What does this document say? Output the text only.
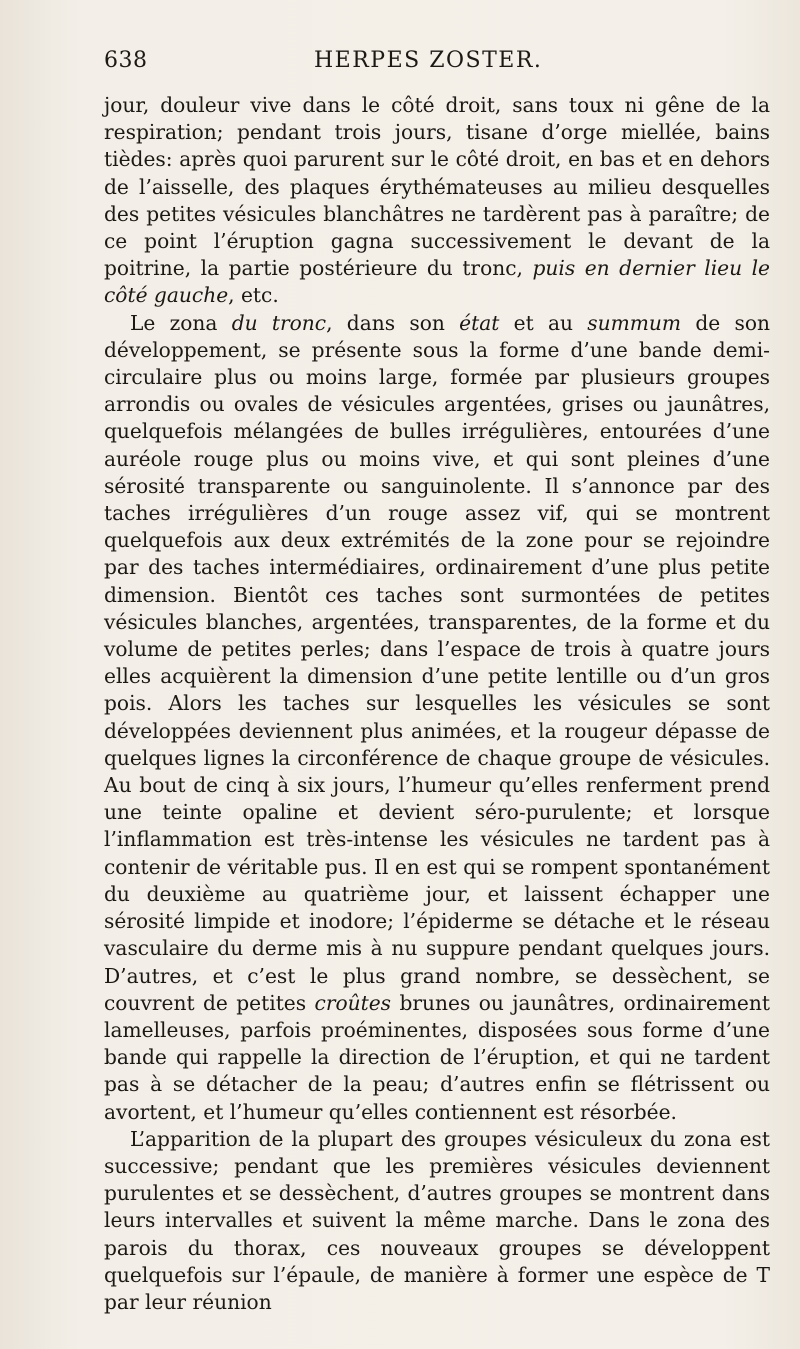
638	HERPES ZOSTER.

jour, douleur vive dans le côté droit, sans toux ni gêne de la respiration; pendant trois jours, tisane d’orge miellée, bains tièdes: après quoi parurent sur le côté droit, en bas et en dehors de l’aisselle, des plaques érythémateuses au milieu desquelles des petites vésicules blanchâtres ne tardèrent pas à paraître; de ce point l’éruption gagna successivement le devant de la poitrine, la partie postérieure du tronc, puis en dernier lieu le côté gauche, etc.

Le zona du tronc, dans son état et au summum de son développement, se présente sous la forme d’une bande demi-circulaire plus ou moins large, formée par plusieurs groupes arrondis ou ovales de vésicules argentées, grises ou jaunâtres, quelquefois mélangées de bulles irrégulières, entourées d’une auréole rouge plus ou moins vive, et qui sont pleines d’une sérosité transparente ou sanguinolente. Il s’annonce par des taches irrégulières d’un rouge assez vif, qui se montrent quelquefois aux deux extrémités de la zone pour se rejoindre par des taches intermédiaires, ordinairement d’une plus petite dimension. Bientôt ces taches sont surmontées de petites vésicules blanches, argentées, transparentes, de la forme et du volume de petites perles; dans l’espace de trois à quatre jours elles acquièrent la dimension d’une petite lentille ou d’un gros pois. Alors les taches sur lesquelles les vésicules se sont développées deviennent plus animées, et la rougeur dépasse de quelques lignes la circonférence de chaque groupe de vésicules. Au bout de cinq à six jours, l’humeur qu’elles renferment prend une teinte opaline et devient séro-purulente; et lorsque l’inflammation est très-intense les vésicules ne tardent pas à contenir de véritable pus. Il en est qui se rompent spontanément du deuxième au quatrième jour, et laissent échapper une sérosité limpide et inodore; l’épiderme se détache et le réseau vasculaire du derme mis à nu suppure pendant quelques jours. D’autres, et c’est le plus grand nombre, se dessèchent, se couvrent de petites croûtes brunes ou jaunâtres, ordinairement lamelleuses, parfois proéminentes, disposées sous forme d’une bande qui rappelle la direction de l’éruption, et qui ne tardent pas à se détacher de la peau; d’autres enfin se flétrissent ou avortent, et l’humeur qu’elles contiennent est résorbée.

L’apparition de la plupart des groupes vésiculeux du zona est successive; pendant que les premières vésicules deviennent purulentes et se dessèchent, d’autres groupes se montrent dans leurs intervalles et suivent la même marche. Dans le zona des parois du thorax, ces nouveaux groupes se développent quelquefois sur l’épaule, de manière à former une espèce de T par leur réunion
